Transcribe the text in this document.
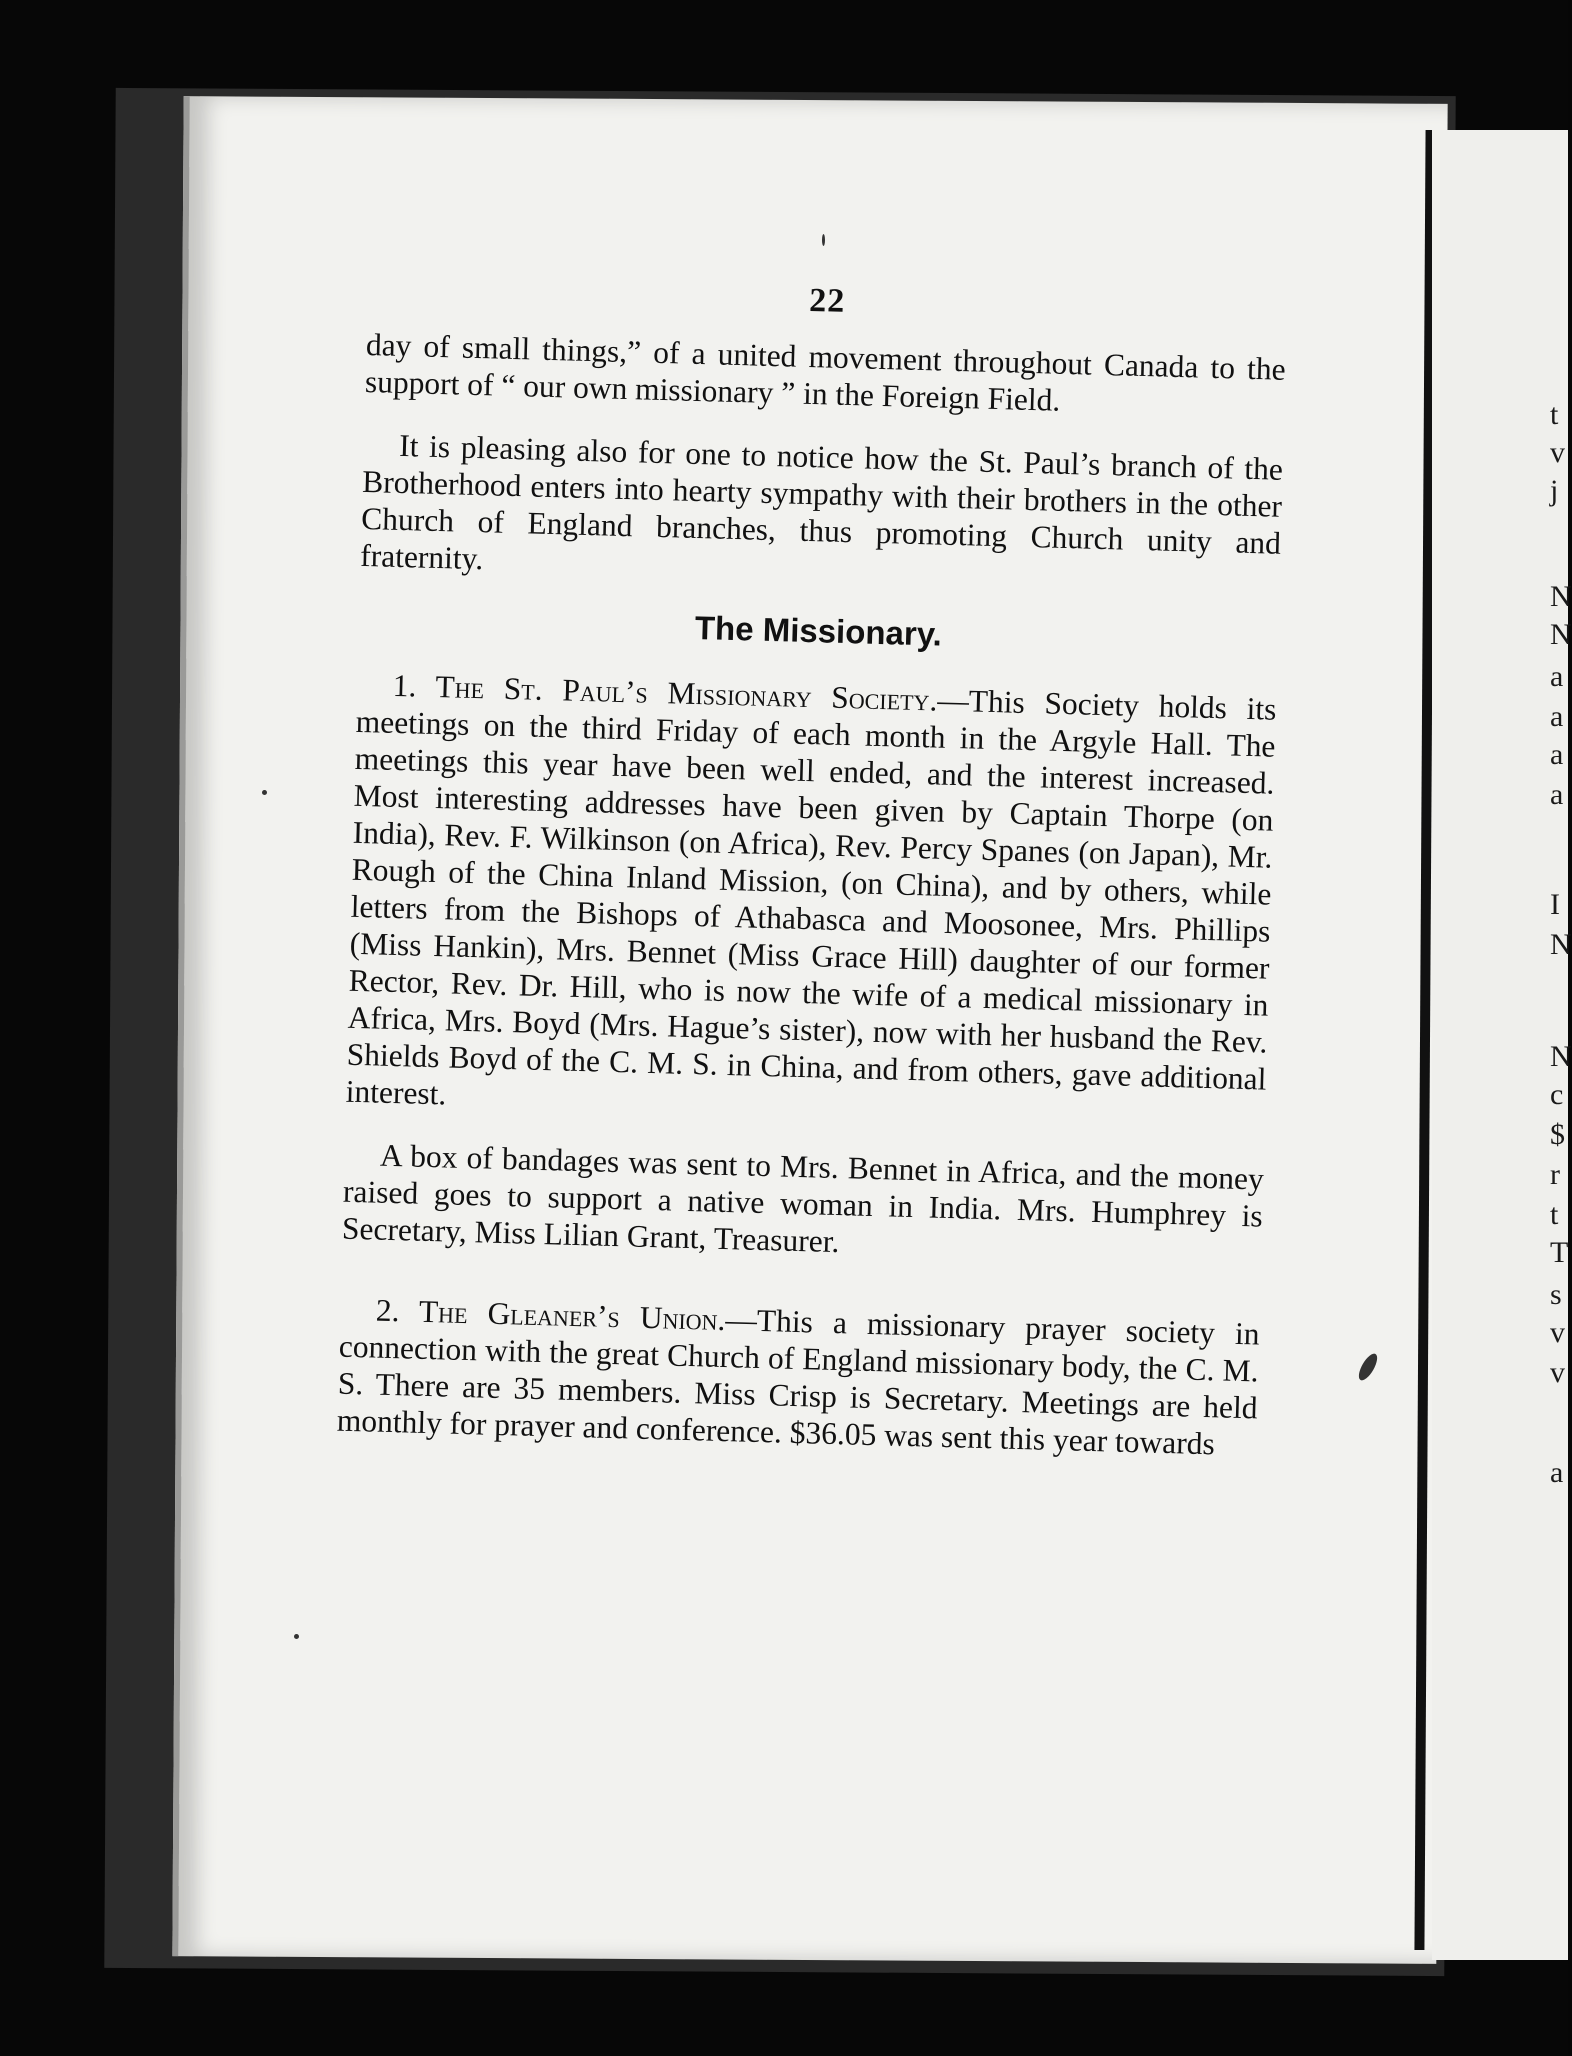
t
v
j
N
N
a
a
a
a
I
N
N
c
$
r
t
T
s
v
v
a
22

day of small things,” of a united movement throughout Canada to the support of “ our own missionary ” in the Foreign Field.

It is pleasing also for one to notice how the St. Paul’s branch of the Brotherhood enters into hearty sympathy with their brothers in the other Church of England branches, thus promoting Church unity and fraternity.

The Missionary.

1. The St. Paul’s Missionary Society.—This Society holds its meetings on the third Friday of each month in the Argyle Hall. The meetings this year have been well ended, and the interest increased. Most interesting addresses have been given by Captain Thorpe (on India), Rev. F. Wilkinson (on Africa), Rev. Percy Spanes (on Japan), Mr. Rough of the China Inland Mission, (on China), and by others, while letters from the Bishops of Athabasca and Moosonee, Mrs. Phillips (Miss Hankin), Mrs. Bennet (Miss Grace Hill) daughter of our former Rector, Rev. Dr. Hill, who is now the wife of a medical missionary in Africa, Mrs. Boyd (Mrs. Hague’s sister), now with her husband the Rev. Shields Boyd of the C. M. S. in China, and from others, gave additional interest.

A box of bandages was sent to Mrs. Bennet in Africa, and the money raised goes to support a native woman in India. Mrs. Humphrey is Secretary, Miss Lilian Grant, Treasurer.

2. The Gleaner’s Union.—This a missionary prayer society in connection with the great Church of England missionary body, the C. M. S. There are 35 members. Miss Crisp is Secretary. Meetings are held monthly for prayer and conference. $36.05 was sent this year towards
